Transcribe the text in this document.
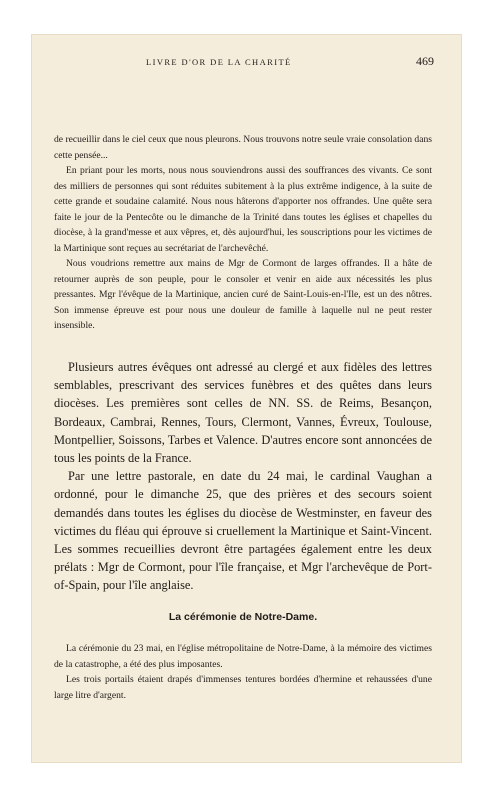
LIVRE D'OR DE LA CHARITÉ	469

de recueillir dans le ciel ceux que nous pleurons. Nous trouvons notre seule vraie consolation dans cette pensée...

En priant pour les morts, nous nous souviendrons aussi des souffrances des vivants. Ce sont des milliers de personnes qui sont réduites subitement à la plus extrême indigence, à la suite de cette grande et soudaine calamité. Nous nous hâterons d'apporter nos offrandes. Une quête sera faite le jour de la Pentecôte ou le dimanche de la Trinité dans toutes les églises et chapelles du diocèse, à la grand'messe et aux vêpres, et, dès aujourd'hui, les souscriptions pour les victimes de la Martinique sont reçues au secrétariat de l'archevêché.

Nous voudrions remettre aux mains de Mgr de Cormont de larges offrandes. Il a hâte de retourner auprès de son peuple, pour le consoler et venir en aide aux nécessités les plus pressantes. Mgr l'évêque de la Martinique, ancien curé de Saint-Louis-en-l'Ile, est un des nôtres. Son immense épreuve est pour nous une douleur de famille à laquelle nul ne peut rester insensible.

Plusieurs autres évêques ont adressé au clergé et aux fidèles des lettres semblables, prescrivant des services funèbres et des quêtes dans leurs diocèses. Les premières sont celles de NN. SS. de Reims, Besançon, Bordeaux, Cambrai, Rennes, Tours, Clermont, Vannes, Évreux, Toulouse, Montpellier, Soissons, Tarbes et Valence. D'autres encore sont annoncées de tous les points de la France.

Par une lettre pastorale, en date du 24 mai, le cardinal Vaughan a ordonné, pour le dimanche 25, que des prières et des secours soient demandés dans toutes les églises du diocèse de Westminster, en faveur des victimes du fléau qui éprouve si cruellement la Martinique et Saint-Vincent. Les sommes recueillies devront être partagées également entre les deux prélats : Mgr de Cormont, pour l'île française, et Mgr l'archevêque de Port-of-Spain, pour l'île anglaise.

La cérémonie de Notre-Dame.

La cérémonie du 23 mai, en l'église métropolitaine de Notre-Dame, à la mémoire des victimes de la catastrophe, a été des plus imposantes.

Les trois portails étaient drapés d'immenses tentures bordées d'hermine et rehaussées d'une large litre d'argent.
